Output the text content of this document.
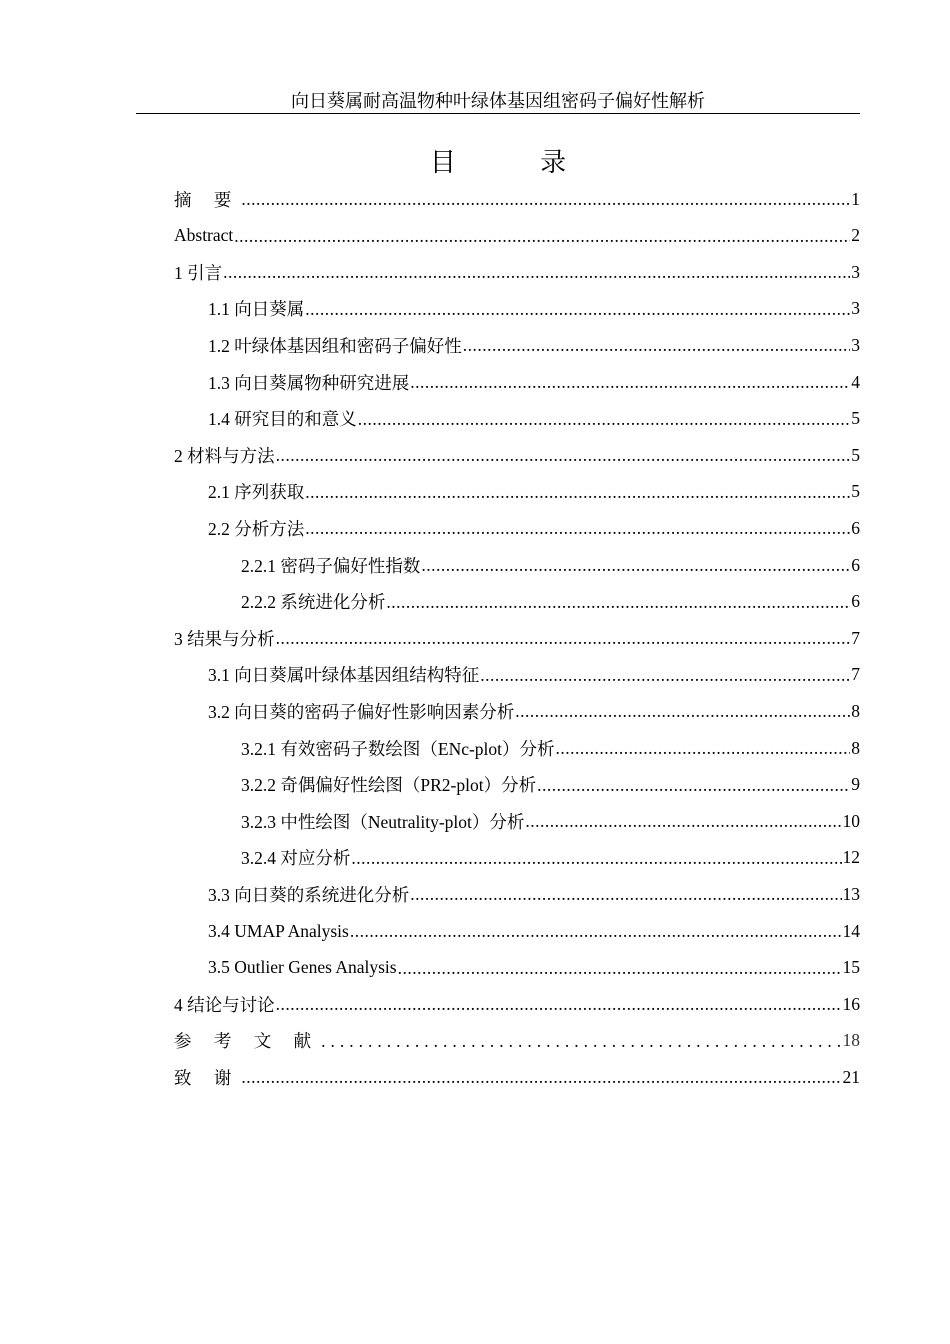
向日葵属耐高温物种叶绿体基因组密码子偏好性解析
目 录
摘 要 .....	1
Abstract .....	2
1 引言 .....	3
1.1 向日葵属 .....	3
1.2 叶绿体基因组和密码子偏好性 .....	3
1.3 向日葵属物种研究进展 .....	4
1.4 研究目的和意义 .....	5
2 材料与方法 .....	5
2.1 序列获取 .....	5
2.2 分析方法 .....	6
2.2.1 密码子偏好性指数 .....	6
2.2.2 系统进化分析 .....	6
3 结果与分析 .....	7
3.1 向日葵属叶绿体基因组结构特征 .....	7
3.2 向日葵的密码子偏好性影响因素分析 .....	8
3.2.1 有效密码子数绘图（ENc-plot）分析 .....	8
3.2.2 奇偶偏好性绘图（PR2-plot）分析 .....	9
3.2.3 中性绘图（Neutrality-plot）分析 .....	10
3.2.4 对应分析 .....	12
3.3 向日葵的系统进化分析 .....	13
3.4 UMAP Analysis .....	14
3.5 Outlier Genes Analysis .....	15
4 结论与讨论 .....	16
参 考 文 献 .....	18
致 谢 .....	21
